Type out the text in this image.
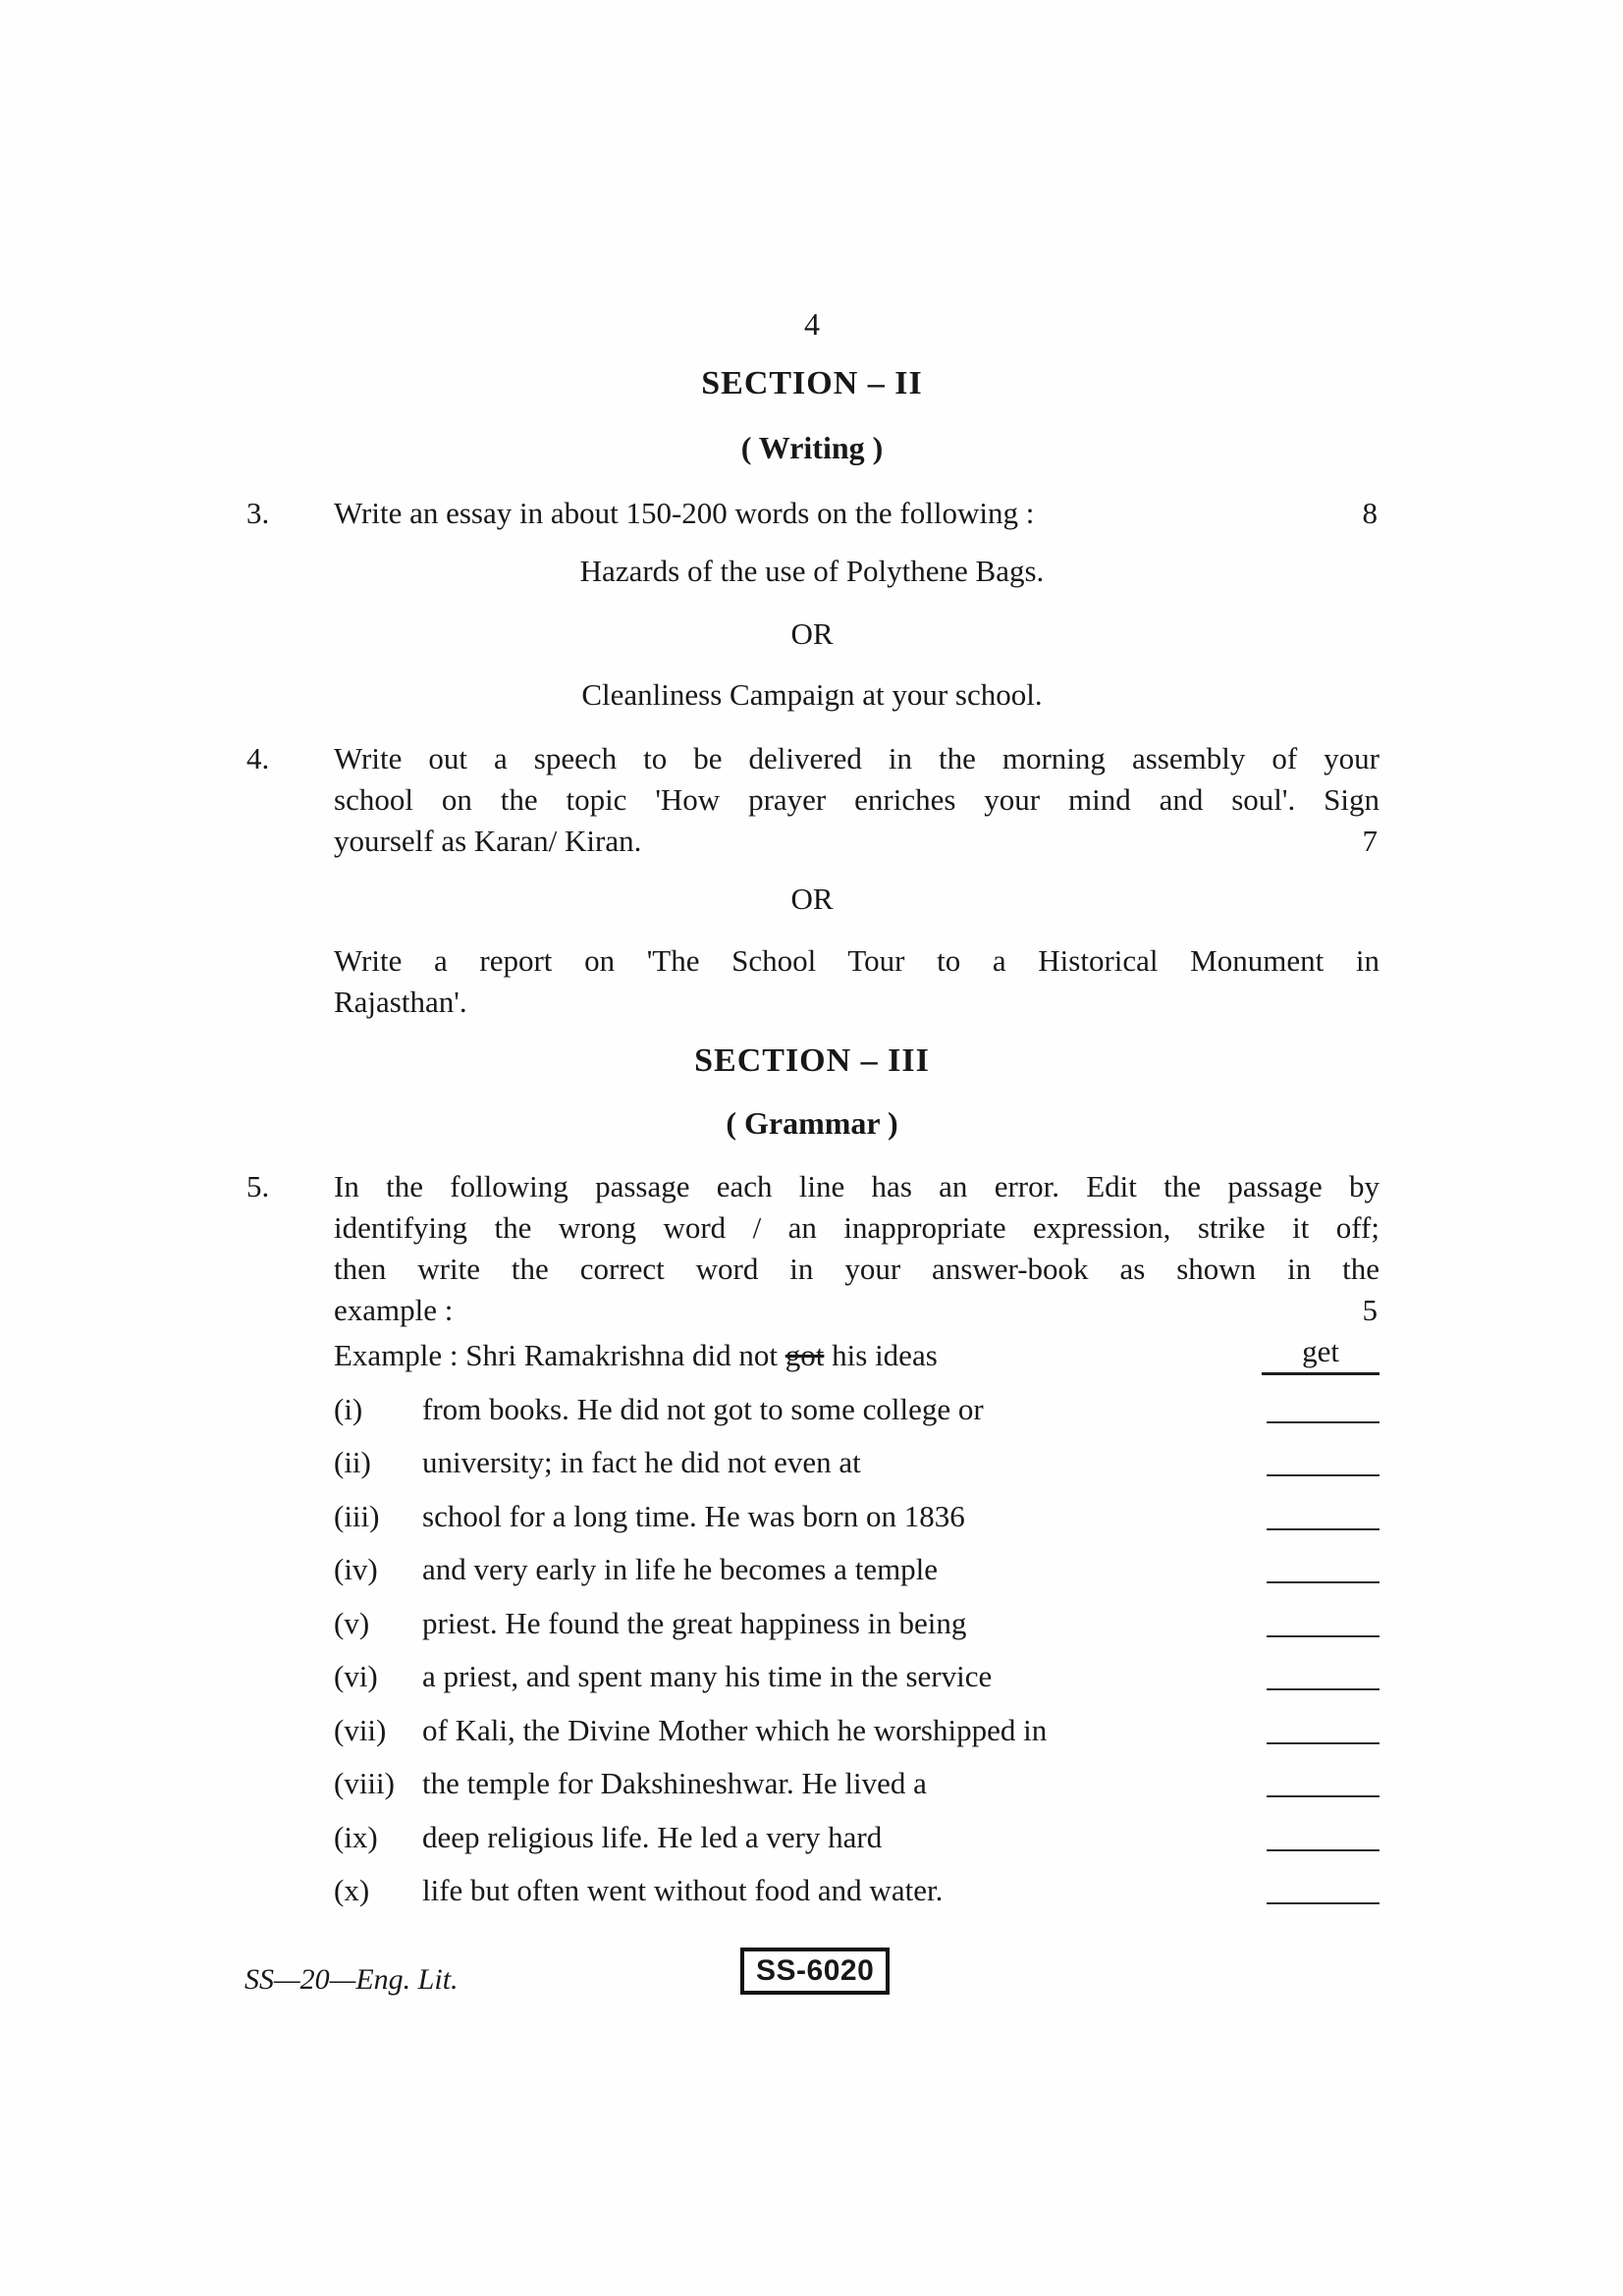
4
SECTION – II
( Writing )
3. Write an essay in about 150-200 words on the following :	8
Hazards of the use of Polythene Bags.
OR
Cleanliness Campaign at your school.
4. Write out a speech to be delivered in the morning assembly of your
school on the topic 'How prayer enriches your mind and soul'. Sign
yourself as Karan/ Kiran.	7
OR
Write a report on 'The School Tour to a Historical Monument in
Rajasthan'.
SECTION – III
( Grammar )
5. In the following passage each line has an error. Edit the passage by
identifying the wrong word / an inappropriate expression, strike it off;
then write the correct word in your answer-book as shown in the
example :	5
Example : Shri Ramakrishna did not got his ideas	get
(i) from books. He did not got to some college or
(ii) university; in fact he did not even at
(iii) school for a long time. He was born on 1836
(iv) and very early in life he becomes a temple
(v) priest. He found the great happiness in being
(vi) a priest, and spent many his time in the service
(vii) of Kali, the Divine Mother which he worshipped in
(viii) the temple for Dakshineshwar. He lived a
(ix) deep religious life. He led a very hard
(x) life but often went without food and water.
SS—20—Eng. Lit.	SS-6020
